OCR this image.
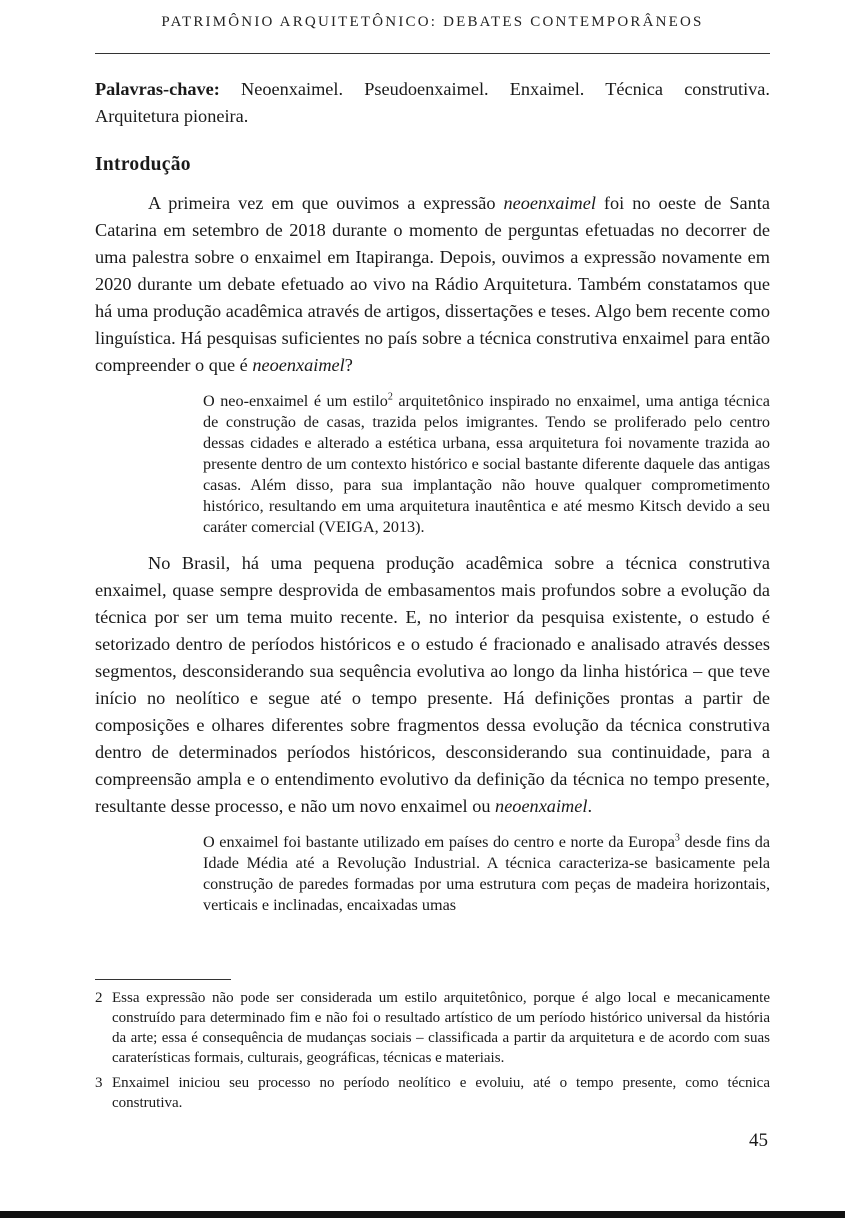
PATRIMÔNIO ARQUITETÔNICO: DEBATES CONTEMPORÂNEOS

Palavras-chave: Neoenxaimel. Pseudoenxaimel. Enxaimel. Técnica construtiva. Arquitetura pioneira.

Introdução

A primeira vez em que ouvimos a expressão neoenxaimel foi no oeste de Santa Catarina em setembro de 2018 durante o momento de perguntas efetuadas no decorrer de uma palestra sobre o enxaimel em Itapiranga. Depois, ouvimos a expressão novamente em 2020 durante um debate efetuado ao vivo na Rádio Arquitetura. Também constatamos que há uma produção acadêmica através de artigos, dissertações e teses. Algo bem recente como linguística. Há pesquisas suficientes no país sobre a técnica construtiva enxaimel para então compreender o que é neoenxaimel?

O neo-enxaimel é um estilo$^2$ arquitetônico inspirado no enxaimel, uma antiga técnica de construção de casas, trazida pelos imigrantes. Tendo se proliferado pelo centro dessas cidades e alterado a estética urbana, essa arquitetura foi novamente trazida ao presente dentro de um contexto histórico e social bastante diferente daquele das antigas casas. Além disso, para sua implantação não houve qualquer comprometimento histórico, resultando em uma arquitetura inautêntica e até mesmo Kitsch devido a seu caráter comercial (VEIGA, 2013).

No Brasil, há uma pequena produção acadêmica sobre a técnica construtiva enxaimel, quase sempre desprovida de embasamentos mais profundos sobre a evolução da técnica por ser um tema muito recente. E, no interior da pesquisa existente, o estudo é setorizado dentro de períodos históricos e o estudo é fracionado e analisado através desses segmentos, desconsiderando sua sequência evolutiva ao longo da linha histórica – que teve início no neolítico e segue até o tempo presente. Há definições prontas a partir de composições e olhares diferentes sobre fragmentos dessa evolução da técnica construtiva dentro de determinados períodos históricos, desconsiderando sua continuidade, para a compreensão ampla e o entendimento evolutivo da definição da técnica no tempo presente, resultante desse processo, e não um novo enxaimel ou neoenxaimel.

O enxaimel foi bastante utilizado em países do centro e norte da Europa$^3$ desde fins da Idade Média até a Revolução Industrial. A técnica caracteriza-se basicamente pela construção de paredes formadas por uma estrutura com peças de madeira horizontais, verticais e inclinadas, encaixadas umas
2 Essa expressão não pode ser considerada um estilo arquitetônico, porque é algo local e mecanicamente construído para determinado fim e não foi o resultado artístico de um período histórico universal da história da arte; essa é consequência de mudanças sociais – classificada a partir da arquitetura e de acordo com suas caraterísticas formais, culturais, geográficas, técnicas e materiais.
3 Enxaimel iniciou seu processo no período neolítico e evoluiu, até o tempo presente, como técnica construtiva.
45
